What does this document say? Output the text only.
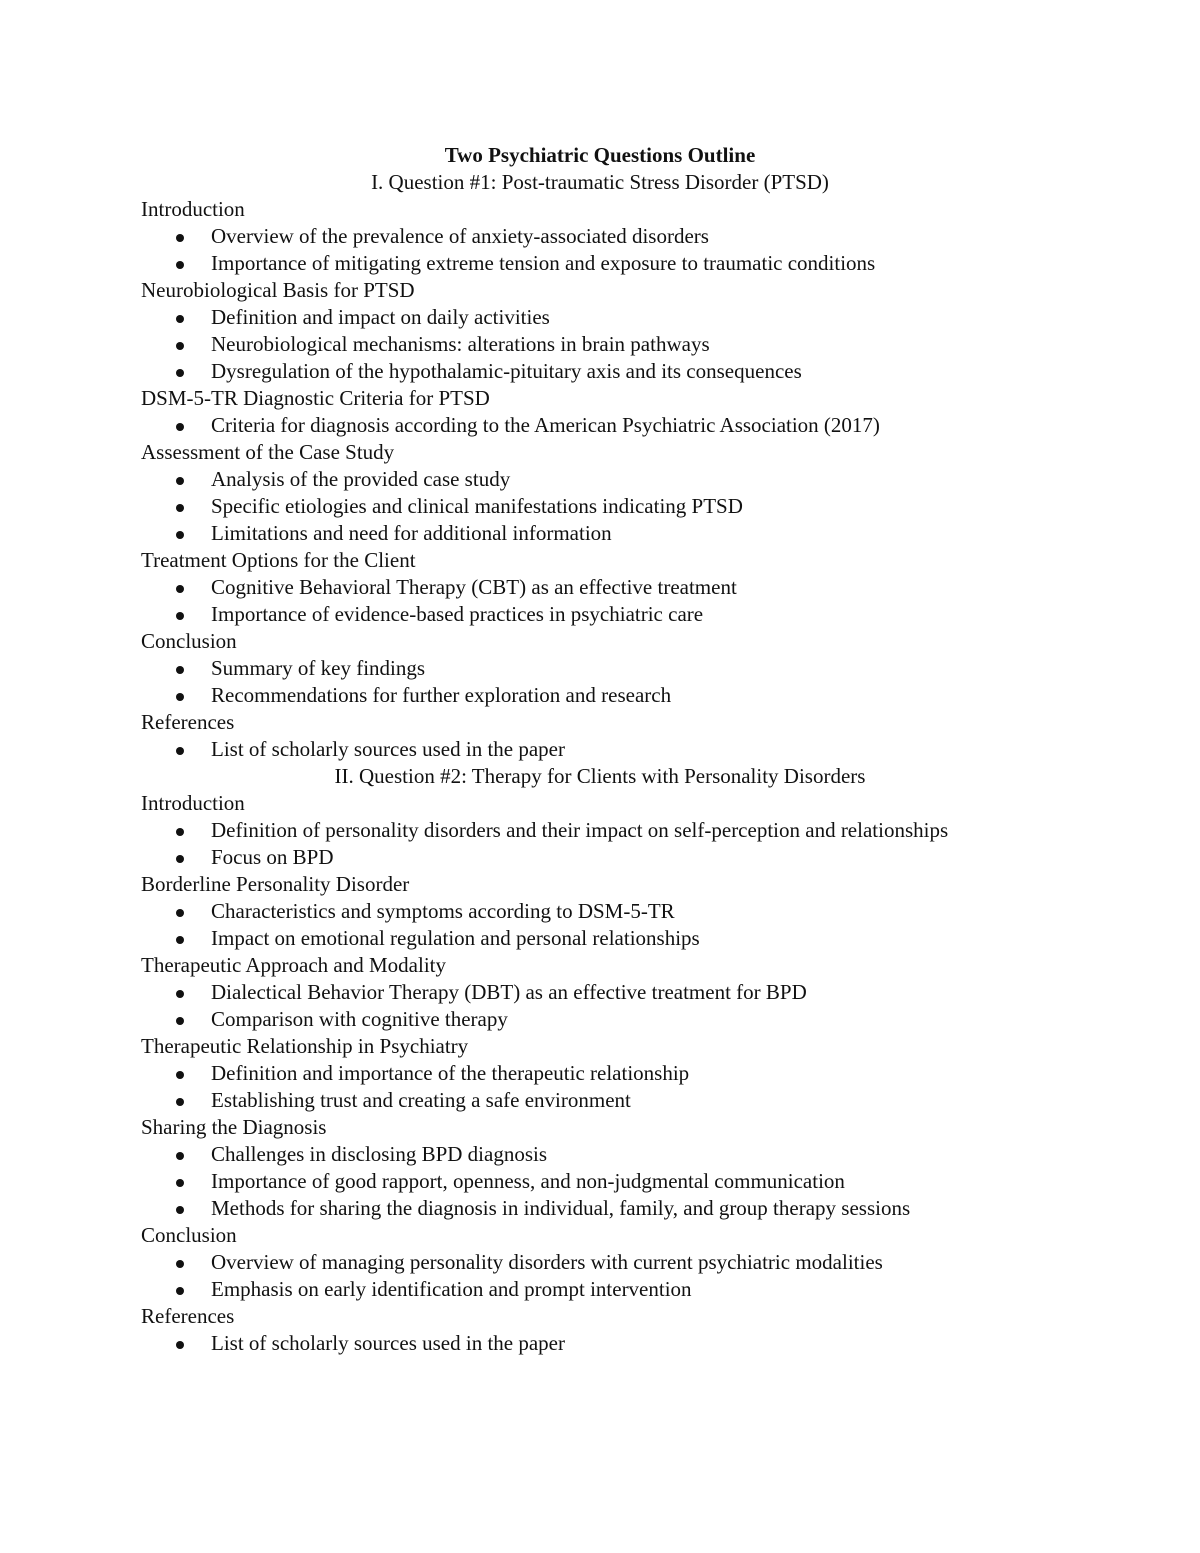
Two Psychiatric Questions Outline
I. Question #1: Post-traumatic Stress Disorder (PTSD)
Introduction
Overview of the prevalence of anxiety-associated disorders
Importance of mitigating extreme tension and exposure to traumatic conditions
Neurobiological Basis for PTSD
Definition and impact on daily activities
Neurobiological mechanisms: alterations in brain pathways
Dysregulation of the hypothalamic-pituitary axis and its consequences
DSM-5-TR Diagnostic Criteria for PTSD
Criteria for diagnosis according to the American Psychiatric Association (2017)
Assessment of the Case Study
Analysis of the provided case study
Specific etiologies and clinical manifestations indicating PTSD
Limitations and need for additional information
Treatment Options for the Client
Cognitive Behavioral Therapy (CBT) as an effective treatment
Importance of evidence-based practices in psychiatric care
Conclusion
Summary of key findings
Recommendations for further exploration and research
References
List of scholarly sources used in the paper
II. Question #2: Therapy for Clients with Personality Disorders
Introduction
Definition of personality disorders and their impact on self-perception and relationships
Focus on BPD
Borderline Personality Disorder
Characteristics and symptoms according to DSM-5-TR
Impact on emotional regulation and personal relationships
Therapeutic Approach and Modality
Dialectical Behavior Therapy (DBT) as an effective treatment for BPD
Comparison with cognitive therapy
Therapeutic Relationship in Psychiatry
Definition and importance of the therapeutic relationship
Establishing trust and creating a safe environment
Sharing the Diagnosis
Challenges in disclosing BPD diagnosis
Importance of good rapport, openness, and non-judgmental communication
Methods for sharing the diagnosis in individual, family, and group therapy sessions
Conclusion
Overview of managing personality disorders with current psychiatric modalities
Emphasis on early identification and prompt intervention
References
List of scholarly sources used in the paper
